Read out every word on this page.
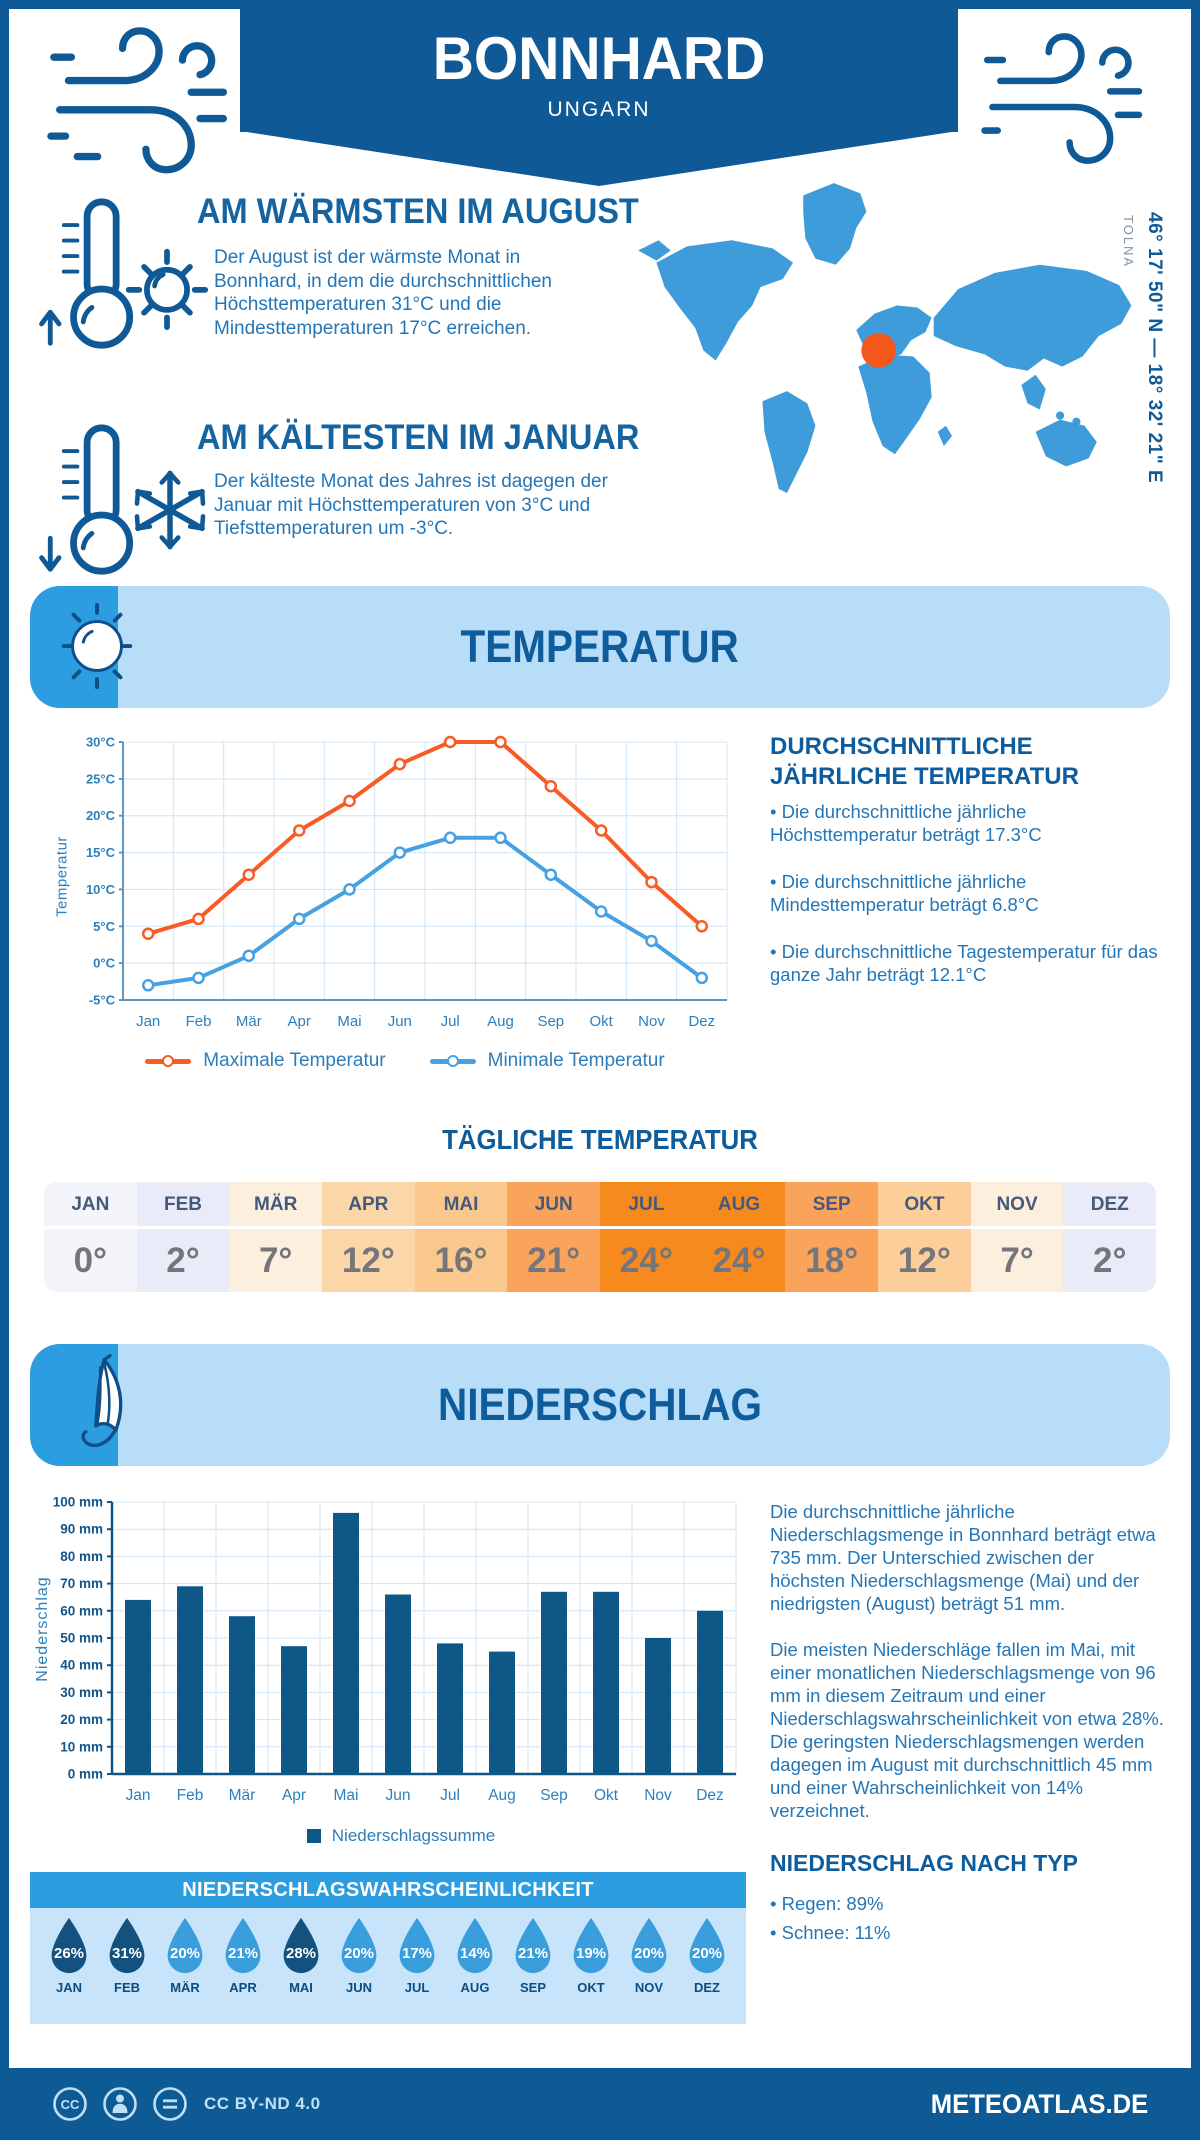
BONNHARD
UNGARN
AM WÄRMSTEN IM AUGUST
Der August ist der wärmste Monat in Bonnhard, in dem die durchschnittlichen Höchsttemperaturen 31°C und die Mindesttemperaturen 17°C erreichen.
AM KÄLTESTEN IM JANUAR
Der kälteste Monat des Jahres ist dagegen der Januar mit Höchsttemperaturen von 3°C und Tiefsttemperaturen um -3°C.
46° 17' 50" N — 18° 32' 21" E
TOLNA
TEMPERATUR
-5°C
0°C
5°C
10°C
15°C
20°C
25°C
30°C
Jan Feb Mär Apr Mai Jun Jul Aug Sep Okt Nov Dez
Temperatur
Maximale Temperatur	Minimale Temperatur
DURCHSCHNITTLICHE JÄHRLICHE TEMPERATUR

• Die durchschnittliche jährliche Höchsttemperatur beträgt 17.3°C

• Die durchschnittliche jährliche Mindesttemperatur beträgt 6.8°C

• Die durchschnittliche Tagestemperatur für das ganze Jahr beträgt 12.1°C

TÄGLICHE TEMPERATUR
JAN
0°
FEB
2°
MÄR
7°
APR
12°
MAI
16°
JUN
21°
JUL
24°
AUG
24°
SEP
18°
OKT
12°
NOV
7°
DEZ
2°
NIEDERSCHLAG
0 mm
10 mm
20 mm
30 mm
40 mm
50 mm
60 mm
70 mm
80 mm
90 mm
100 mm
Jan Feb Mär Apr Mai Jun Jul Aug Sep Okt Nov Dez
Niederschlag
Niederschlagssumme

Die durchschnittliche jährliche Niederschlagsmenge in Bonnhard beträgt etwa 735 mm. Der Unterschied zwischen der höchsten Niederschlagsmenge (Mai) und der niedrigsten (August) beträgt 51 mm.

Die meisten Niederschläge fallen im Mai, mit einer monatlichen Niederschlagsmenge von 96 mm in diesem Zeitraum und einer Niederschlagswahrscheinlichkeit von etwa 28%. Die geringsten Niederschlagsmengen werden dagegen im August mit durchschnittlich 45 mm und einer Wahrscheinlichkeit von 14% verzeichnet.

NIEDERSCHLAG NACH TYP
• Regen: 89%
• Schnee: 11%
NIEDERSCHLAGSWAHRSCHEINLICHKEIT
26%
JAN
31%
FEB
20%
MÄR
21%
APR
28%
MAI
20%
JUN
17%
JUL
14%
AUG
21%
SEP
19%
OKT
20%
NOV
20%
DEZ
CC	CC BY-ND 4.0	METEOATLAS.DE
